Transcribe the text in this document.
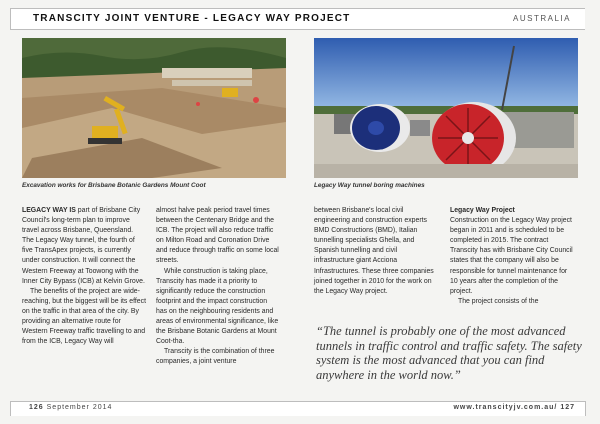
TRANSCITY JOINT VENTURE - LEGACY WAY PROJECT	AUSTRALIA
Excavation works for Brisbane Botanic Gardens Mount Coot	Legacy Way tunnel boring machines

LEGACY WAY IS part of Brisbane City Council's long-term plan to improve travel across Brisbane, Queensland. The Legacy Way tunnel, the fourth of five TransApex projects, is currently under construction. It will connect the Western Freeway at Toowong with the Inner City Bypass (ICB) at Kelvin Grove.

The benefits of the project are wide-reaching, but the biggest will be its effect on the traffic in that area of the city. By providing an alternative route for Western Freeway traffic travelling to and from the ICB, Legacy Way will

almost halve peak period travel times between the Centenary Bridge and the ICB. The project will also reduce traffic on Milton Road and Coronation Drive and reduce through traffic on some local streets.

While construction is taking place, Transcity has made it a priority to significantly reduce the construction footprint and the impact construction has on the neighbouring residents and areas of environmental significance, like the Brisbane Botanic Gardens at Mount Coot-tha.

Transcity is the combination of three companies, a joint venture

between Brisbane's local civil engineering and construction experts BMD Constructions (BMD), Italian tunnelling specialists Ghella, and Spanish tunnelling and civil infrastructure giant Acciona Infrastructures. These three companies joined together in 2010 for the work on the Legacy Way project.

Legacy Way Project

Construction on the Legacy Way project began in 2011 and is scheduled to be completed in 2015. The contract Transcity has with Brisbane City Council states that the company will also be responsible for tunnel maintenance for 10 years after the completion of the project.

The project consists of the

“The tunnel is probably one of the most advanced tunnels in traffic control and traffic safety. The safety system is the most advanced that you can find anywhere in the world now.”
126 September 2014	www.transcityjv.com.au/ 127
